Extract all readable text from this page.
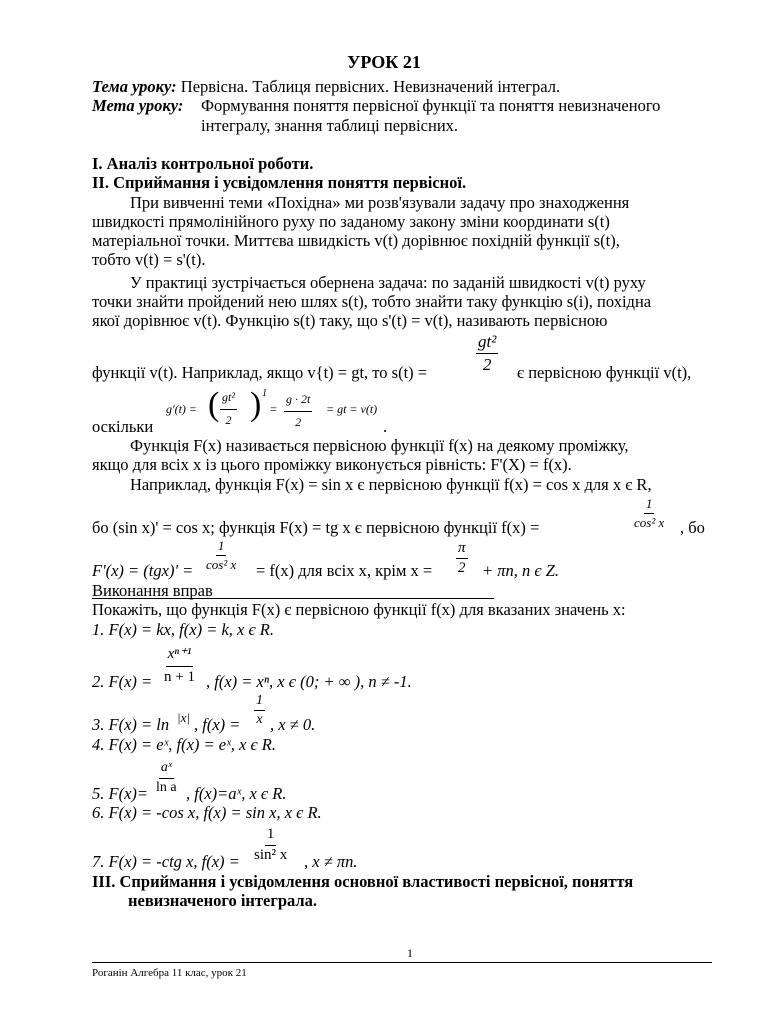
УРОК 21
Тема уроку: Первісна. Таблиця первісних. Невизначений інтеграл.
Мета уроку: Формування поняття первісної функції та поняття невизначеного
інтегралу, знання таблиці первісних.
I. Аналіз контрольної роботи.
II. Сприймання і усвідомлення поняття первісної.
При вивченні теми «Похідна» ми розв'язували задачу про знаходження
швидкості прямолінійного руху по заданому закону зміни координати s(t)
матеріальної точки. Миттєва швидкість v(t) дорівнює похідній функції s(t),
тобто v(t) = s'(t).
У практиці зустрічається обернена задача: по заданій швидкості v(t) руху
точки знайти пройдений нею шлях s(t), тобто знайти таку функцію s(і), похідна
якої дорівнює v(t). Функцію s(t) таку, що s'(t) = v(t), називають первісною
функції v(t). Наприклад, якщо v{t) = gt, то s(t) =	$\frac{\text{gt²}}{2}$ є первісною функції v(t),
оскільки
g'(t) = ( $\frac{\text{gt²}}{2}$ ) 1
= $\frac{g \cdot 2t}{2}$ = gt = v(t)
.
Функція F(x) називається первісною функції f(x) на деякому проміжку,
якщо для всіх x із цього проміжку виконується рівність: F'(X) = f(x).
Наприклад, функція F(x) = sin x є первісною функції f(x) = cos x для x є R,
бо (sin x)' = cos x; функція F(x) = tg x є первісною функції f(x) =	$\frac{1}{\text{cos² x}}$ , бо
$F'(x) = (tgx)' = \frac{1}{\text{cos² x}} = f(x)$ для всіх x, крім $x = \frac{\pi}{2} + \pi n$, n є Z.
Виконання вправ
Покажіть, що функція F(x) є первісною функції f(x) для вказаних значень x:
1. F(x) = kx, f(x) = k, x є R.
2. $F(x) = \frac{\text{xⁿ⁺¹}}{n + 1}$ , f(x) = xⁿ, x є (0; + ∞ ), n ≠ -1.
3. F(x) = ln |x| , $f(x) = \frac{1}{x}$ , x ≠ 0.
4. F(x) = eˣ, f(x) = eˣ, x є R.
5. $F(x)= \frac{\text{aˣ}}{\text{ln a}}$ , f(x)=aˣ, x є R.
6. F(x) = -cos x, f(x) = sin x, x є R.
7. F(x) = -ctg x, $f(x) = \frac{1}{\text{sin² x}}$ , x ≠ πn.
III. Сприймання і усвідомлення основної властивості первісної, поняття
невизначеного інтеграла.
1
Роганін Алгебра 11 клас, урок 21
